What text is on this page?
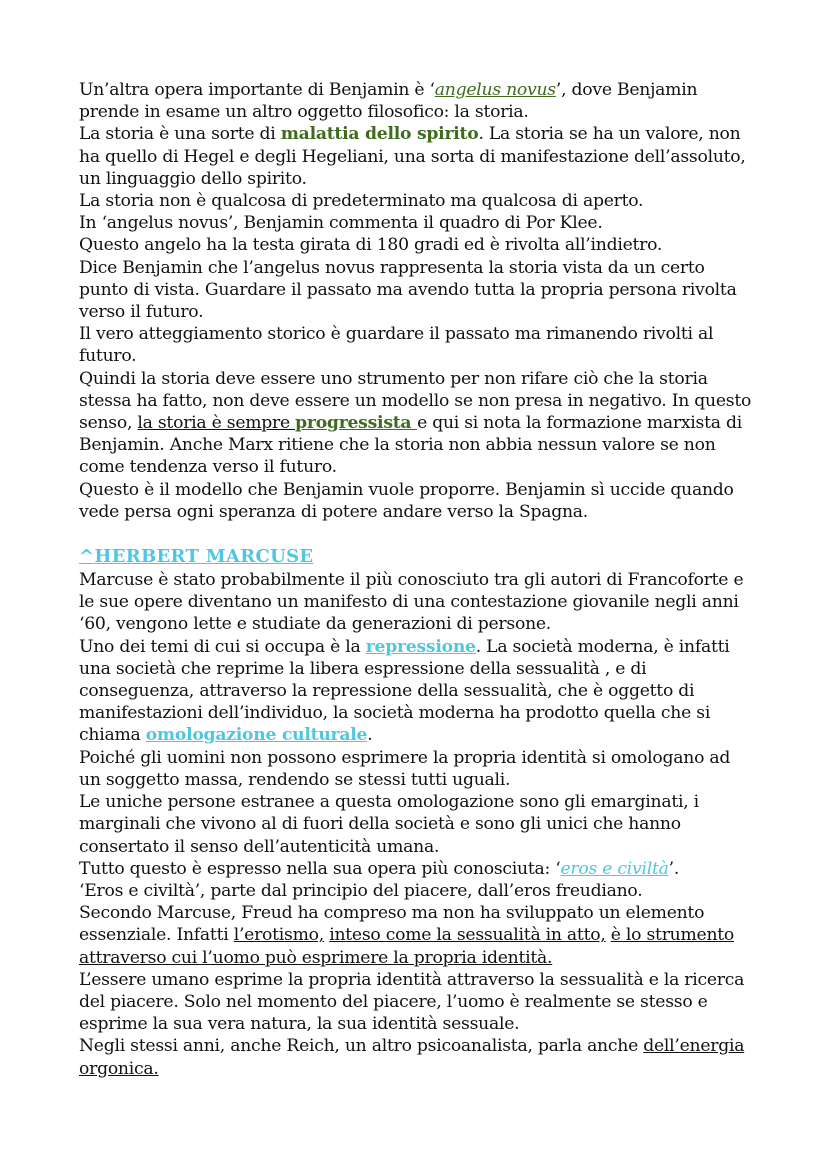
Un’altra opera importante di Benjamin è ‘angelus novus’, dove Benjamin prende in esame un altro oggetto filosofico: la storia.

La storia è una sorte di malattia dello spirito. La storia se ha un valore, non ha quello di Hegel e degli Hegeliani, una sorta di manifestazione dell’assoluto, un linguaggio dello spirito.

La storia non è qualcosa di predeterminato ma qualcosa di aperto.

In ‘angelus novus’, Benjamin commenta il quadro di Por Klee.

Questo angelo ha la testa girata di 180 gradi ed è rivolta all’indietro.

Dice Benjamin che l’angelus novus rappresenta la storia vista da un certo punto di vista. Guardare il passato ma avendo tutta la propria persona rivolta verso il futuro.

Il vero atteggiamento storico è guardare il passato ma rimanendo rivolti al futuro.

Quindi la storia deve essere uno strumento per non rifare ciò che la storia stessa ha fatto, non deve essere un modello se non presa in negativo. In questo senso, la storia è sempre progressista e qui si nota la formazione marxista di Benjamin. Anche Marx ritiene che la storia non abbia nessun valore se non come tendenza verso il futuro.

Questo è il modello che Benjamin vuole proporre. Benjamin sì uccide quando vede persa ogni speranza di potere andare verso la Spagna.

^HERBERT MARCUSE

Marcuse è stato probabilmente il più conosciuto tra gli autori di Francoforte e le sue opere diventano un manifesto di una contestazione giovanile negli anni ‘60, vengono lette e studiate da generazioni di persone.

Uno dei temi di cui si occupa è la repressione. La società moderna, è infatti una società che reprime la libera espressione della sessualità , e di conseguenza, attraverso la repressione della sessualità, che è oggetto di manifestazioni dell’individuo, la società moderna ha prodotto quella che si chiama omologazione culturale.

Poiché gli uomini non possono esprimere la propria identità si omologano ad un soggetto massa, rendendo se stessi tutti uguali.

Le uniche persone estranee a questa omologazione sono gli emarginati, i marginali che vivono al di fuori della società e sono gli unici che hanno consertato il senso dell’autenticità umana.

Tutto questo è espresso nella sua opera più conosciuta: ‘eros e civiltà’.

‘Eros e civiltà’, parte dal principio del piacere, dall’eros freudiano.

Secondo Marcuse, Freud ha compreso ma non ha sviluppato un elemento essenziale. Infatti l’erotismo, inteso come la sessualità in atto, è lo strumento attraverso cui l’uomo può esprimere la propria identità.

L’essere umano esprime la propria identità attraverso la sessualità e la ricerca del piacere. Solo nel momento del piacere, l’uomo è realmente se stesso e esprime la sua vera natura, la sua identità sessuale.

Negli stessi anni, anche Reich, un altro psicoanalista, parla anche dell’energia orgonica.
